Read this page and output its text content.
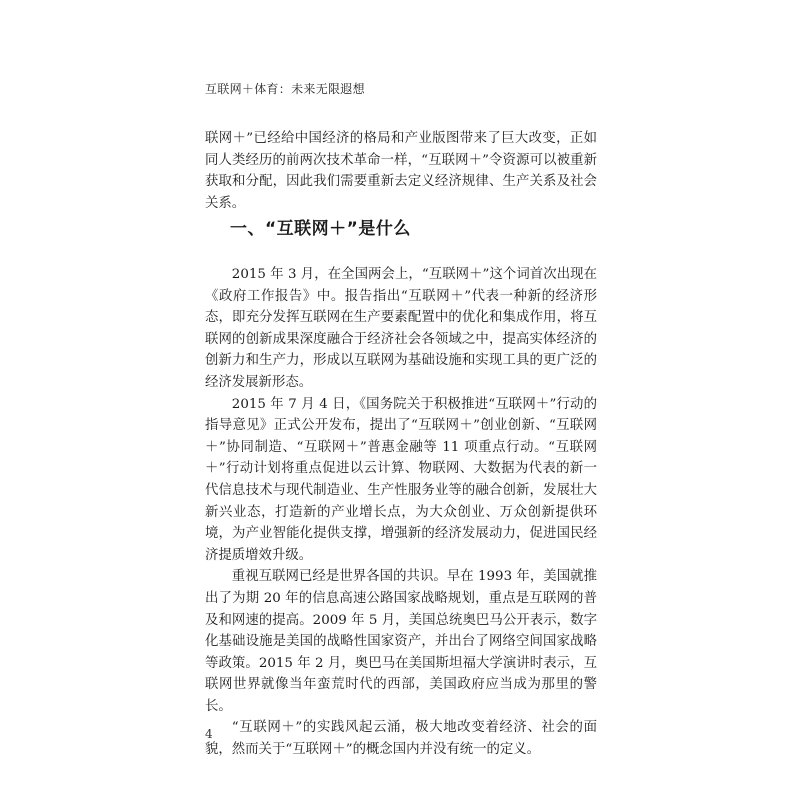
互联网＋体育：未来无限遐想

联网＋”已经给中国经济的格局和产业版图带来了巨大改变，正如同人类经历的前两次技术革命一样，“互联网＋”令资源可以被重新获取和分配，因此我们需要重新去定义经济规律、生产关系及社会关系。

一、“互联网＋”是什么

2015 年 3 月，在全国两会上，“互联网＋”这个词首次出现在《政府工作报告》中。报告指出“互联网＋”代表一种新的经济形态，即充分发挥互联网在生产要素配置中的优化和集成作用，将互联网的创新成果深度融合于经济社会各领域之中，提高实体经济的创新力和生产力，形成以互联网为基础设施和实现工具的更广泛的经济发展新形态。

2015 年 7 月 4 日，《国务院关于积极推进“互联网＋”行动的指导意见》正式公开发布，提出了“互联网＋”创业创新、“互联网＋”协同制造、“互联网＋”普惠金融等 11 项重点行动。“互联网＋”行动计划将重点促进以云计算、物联网、大数据为代表的新一代信息技术与现代制造业、生产性服务业等的融合创新，发展壮大新兴业态，打造新的产业增长点，为大众创业、万众创新提供环境，为产业智能化提供支撑，增强新的经济发展动力，促进国民经济提质增效升级。

重视互联网已经是世界各国的共识。早在 1993 年，美国就推出了为期 20 年的信息高速公路国家战略规划，重点是互联网的普及和网速的提高。2009 年 5 月，美国总统奥巴马公开表示，数字化基础设施是美国的战略性国家资产，并出台了网络空间国家战略等政策。2015 年 2 月，奥巴马在美国斯坦福大学演讲时表示，互联网世界就像当年蛮荒时代的西部，美国政府应当成为那里的警长。

“互联网＋”的实践风起云涌，极大地改变着经济、社会的面貌，然而关于“互联网＋”的概念国内并没有统一的定义。

4
